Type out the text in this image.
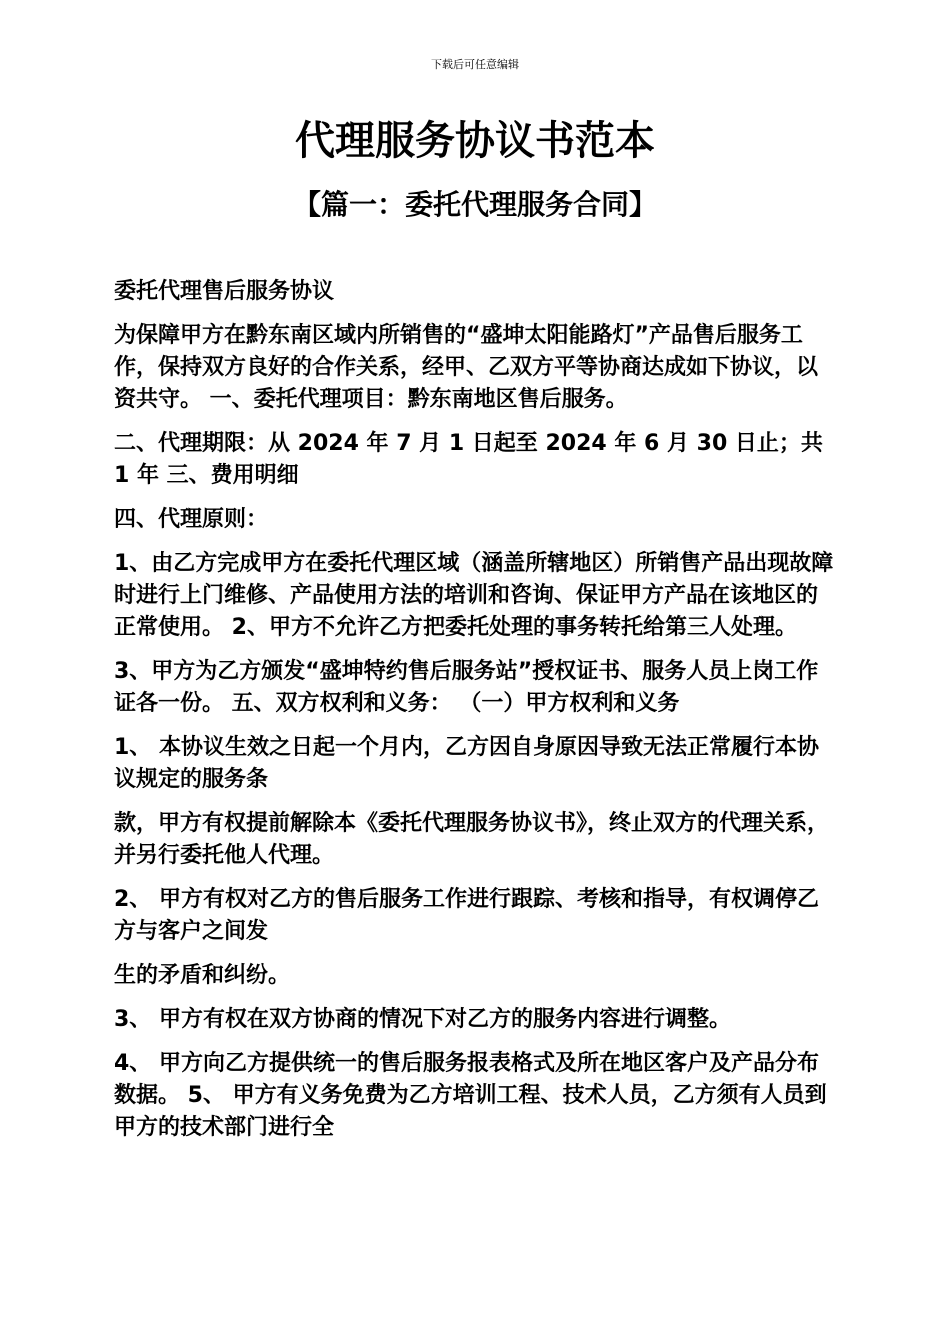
下载后可任意编辑
代理服务协议书范本
【篇一：委托代理服务合同】

委托代理售后服务协议

为保障甲方在黔东南区域内所销售的“盛坤太阳能路灯”产品售后服务工作，保持双方良好的合作关系，经甲、乙双方平等协商达成如下协议，以资共守。 一、委托代理项目：黔东南地区售后服务。

二、代理期限：从 2024 年 7 月 1 日起至 2024 年 6 月 30 日止；共 1 年 三、费用明细

四、代理原则：

1、由乙方完成甲方在委托代理区域（涵盖所辖地区）所销售产品出现故障时进行上门维修、产品使用方法的培训和咨询、保证甲方产品在该地区的正常使用。 2、甲方不允许乙方把委托处理的事务转托给第三人处理。

3、甲方为乙方颁发“盛坤特约售后服务站”授权证书、服务人员上岗工作证各一份。 五、双方权利和义务： （一）甲方权利和义务

1、 本协议生效之日起一个月内，乙方因自身原因导致无法正常履行本协议规定的服务条

款，甲方有权提前解除本《委托代理服务协议书》，终止双方的代理关系，并另行委托他人代理。

2、 甲方有权对乙方的售后服务工作进行跟踪、考核和指导，有权调停乙方与客户之间发

生的矛盾和纠纷。

3、 甲方有权在双方协商的情况下对乙方的服务内容进行调整。

4、 甲方向乙方提供统一的售后服务报表格式及所在地区客户及产品分布数据。 5、 甲方有义务免费为乙方培训工程、技术人员，乙方须有人员到甲方的技术部门进行全
